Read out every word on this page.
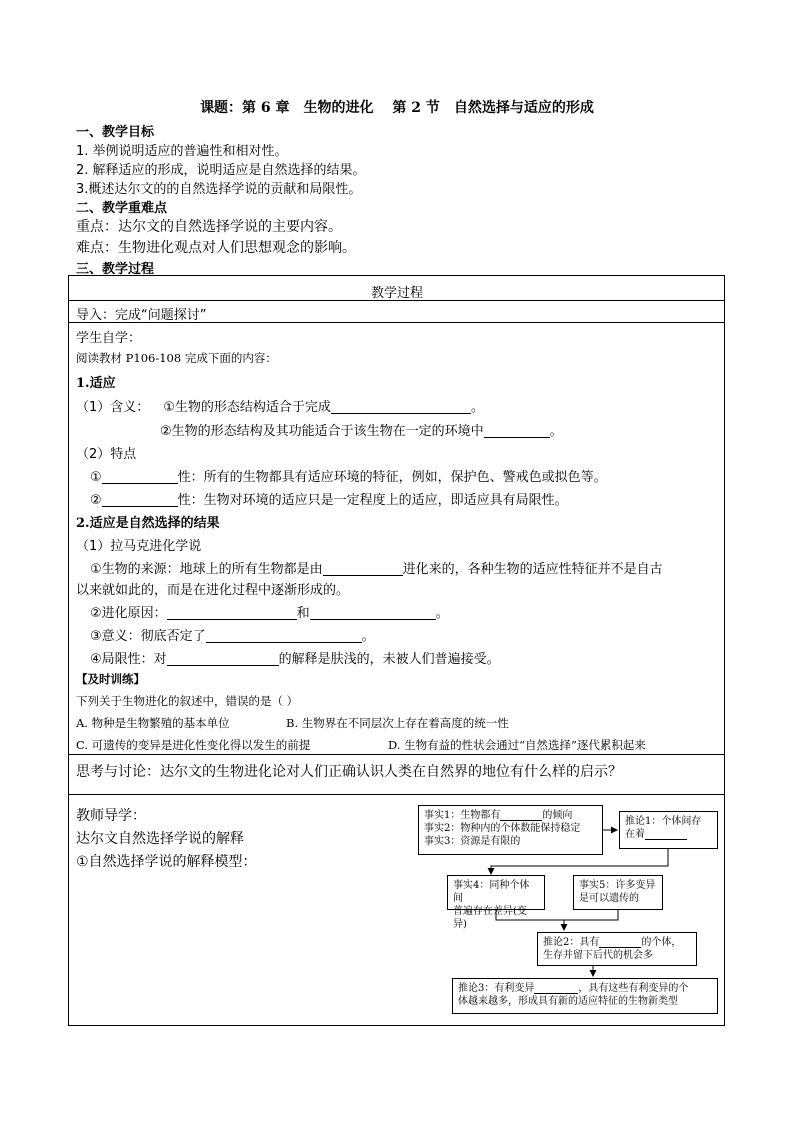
课题：第 6 章　生物的进化　 第 2 节　自然选择与适应的形成
一、教学目标
1. 举例说明适应的普遍性和相对性。
2. 解释适应的形成，说明适应是自然选择的结果。
3.概述达尔文的的自然选择学说的贡献和局限性。
二、教学重难点
重点：达尔文的自然选择学说的主要内容。
难点：生物进化观点对人们思想观念的影响。
三、教学过程
教学过程
导入：完成“问题探讨”
学生自学：
阅读教材 P106-108 完成下面的内容：
1.适应
（1）含义： ①生物的形态结构适合于完成	。
②生物的形态结构及其功能适合于该生物在一定的环境中	。
（2）特点
①	性：所有的生物都具有适应环境的特征，例如，保护色、警戒色或拟色等。
②	性：生物对环境的适应只是一定程度上的适应，即适应具有局限性。
2.适应是自然选择的结果
（1）拉马克进化学说
①生物的来源：地球上的所有生物都是由	进化来的，各种生物的适应性特征并不是自古
以来就如此的，而是在进化过程中逐渐形成的。
②进化原因：	和	。
③意义：彻底否定了	。
④局限性：对	的解释是肤浅的，未被人们普遍接受。
【及时训练】
下列关于生物进化的叙述中，错误的是（ ）
A. 物种是生物繁殖的基本单位	B. 生物界在不同层次上存在着高度的统一性
C. 可遗传的变异是进化性变化得以发生的前提	D. 生物有益的性状会通过“自然选择”逐代累积起来
思考与讨论：达尔文的生物进化论对人们正确认识人类在自然界的地位有什么样的启示？
教师导学：
达尔文自然选择学说的解释
①自然选择学说的解释模型：
事实1：生物都有	的倾向
事实2：物种内的个体数能保持稳定
事实3：资源是有限的
推论1：个体间存
在着
事实4：同种个体间
普遍存在差异(变异)
事实5：许多变异
是可以遗传的
推论2：具有	的个体，
生存并留下后代的机会多
推论3：有利变异	，具有这些有利变异的个
体越来越多，形成具有新的适应特征的生物新类型
